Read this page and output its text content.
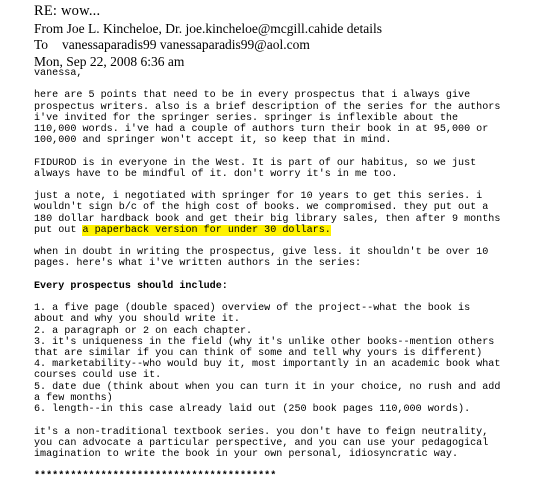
RE: wow...
From Joe L. Kincheloe, Dr. joe.kincheloe@mcgill.cahide details
To vanessaparadis99 vanessaparadis99@aol.com
Mon, Sep 22, 2008 6:36 am
vanessa,

here are 5 points that need to be in every prospectus that i always give
prospectus writers. also is a brief description of the series for the authors
i've invited for the springer series. springer is inflexible about the
110,000 words. i've had a couple of authors turn their book in at 95,000 or
100,000 and springer won't accept it, so keep that in mind.

FIDUROD is in everyone in the West. It is part of our habitus, so we just
always have to be mindful of it. don't worry it's in me too.

just a note, i negotiated with springer for 10 years to get this series. i
wouldn't sign b/c of the high cost of books. we compromised. they put out a
180 dollar hardback book and get their big library sales, then after 9 months
put out a paperback version for under 30 dollars.

when in doubt in writing the prospectus, give less. it shouldn't be over 10
pages. here's what i've written authors in the series:

Every prospectus should include:

1. a five page (double spaced) overview of the project--what the book is
about and why you should write it.
2. a paragraph or 2 on each chapter.
3. it's uniqueness in the field (why it's unlike other books--mention others
that are similar if you can think of some and tell why yours is different)
4. marketability--who would buy it, most importantly in an academic book what
courses could use it.
5. date due (think about when you can turn it in your choice, no rush and add
a few months)
6. length--in this case already laid out (250 book pages 110,000 words).

it's a non-traditional textbook series. you don't have to feign neutrality,
you can advocate a particular perspective, and you can use your pedagogical
imagination to write the book in your own personal, idiosyncratic way.

****************************************
